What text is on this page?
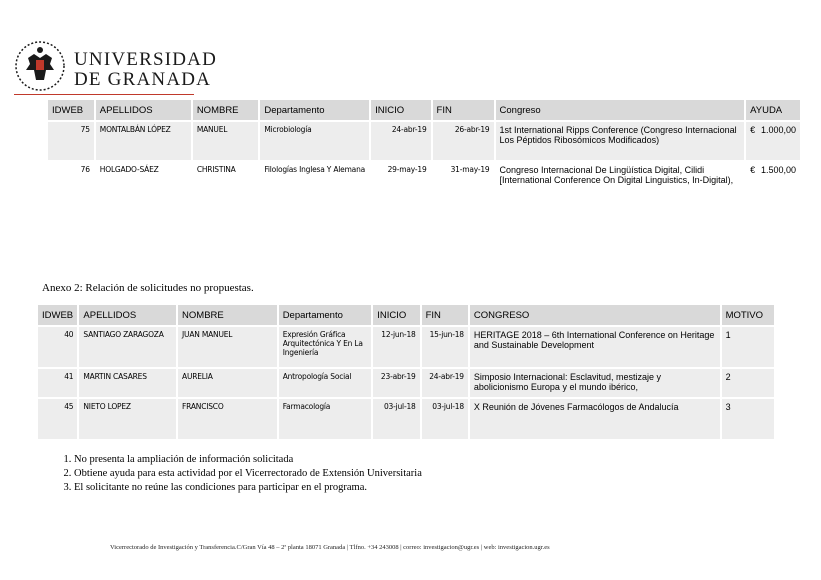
UNIVERSIDAD
DE GRANADA
IDWEB	APELLIDOS	NOMBRE	Departamento	INICIO	FIN	Congreso	AYUDA
75	MONTALBÁN LÓPEZ	MANUEL	Microbiología	24-abr-19	26-abr-19	1st International Ripps Conference (Congreso Internacional Los Péptidos Ribosómicos Modificados)	€ 1.000,00

76	HOLGADO-SÁEZ	CHRISTINA	Filologías Inglesa Y Alemana	29-may-19	31-may-19	Congreso Internacional De Lingüística Digital, Cilidi [International Conference On Digital Linguistics, In-Digital),	€ 1.500,00
Anexo 2: Relación de solicitudes no propuestas.
IDWEB	APELLIDOS	NOMBRE	Departamento	INICIO	FIN	CONGRESO	MOTIVO
40	SANTIAGO ZARAGOZA	JUAN MANUEL	Expresión Gráfica Arquitectónica Y En La Ingeniería	12-jun-18	15-jun-18	HERITAGE 2018 – 6th International Conference on Heritage and Sustainable Development	1
41	MARTIN CASARES	AURELIA	Antropología Social	23-abr-19	24-abr-19	Simposio Internacional: Esclavitud, mestizaje y abolicionismo Europa y el mundo ibérico,	2
45	NIETO LOPEZ	FRANCISCO	Farmacología	03-jul-18	03-jul-18	X Reunión de Jóvenes Farmacólogos de Andalucía	3
1. No presenta la ampliación de información solicitada
2. Obtiene ayuda para esta actividad por el Vicerrectorado de Extensión Universitaria
3. El solicitante no reúne las condiciones para participar en el programa.
Vicerrectorado de Investigación y Transferencia.C/Gran Vía 48 – 2ª planta 18071 Granada | Tlfno. +34 243008 | correo: investigacion@ugr.es | web: investigacion.ugr.es
